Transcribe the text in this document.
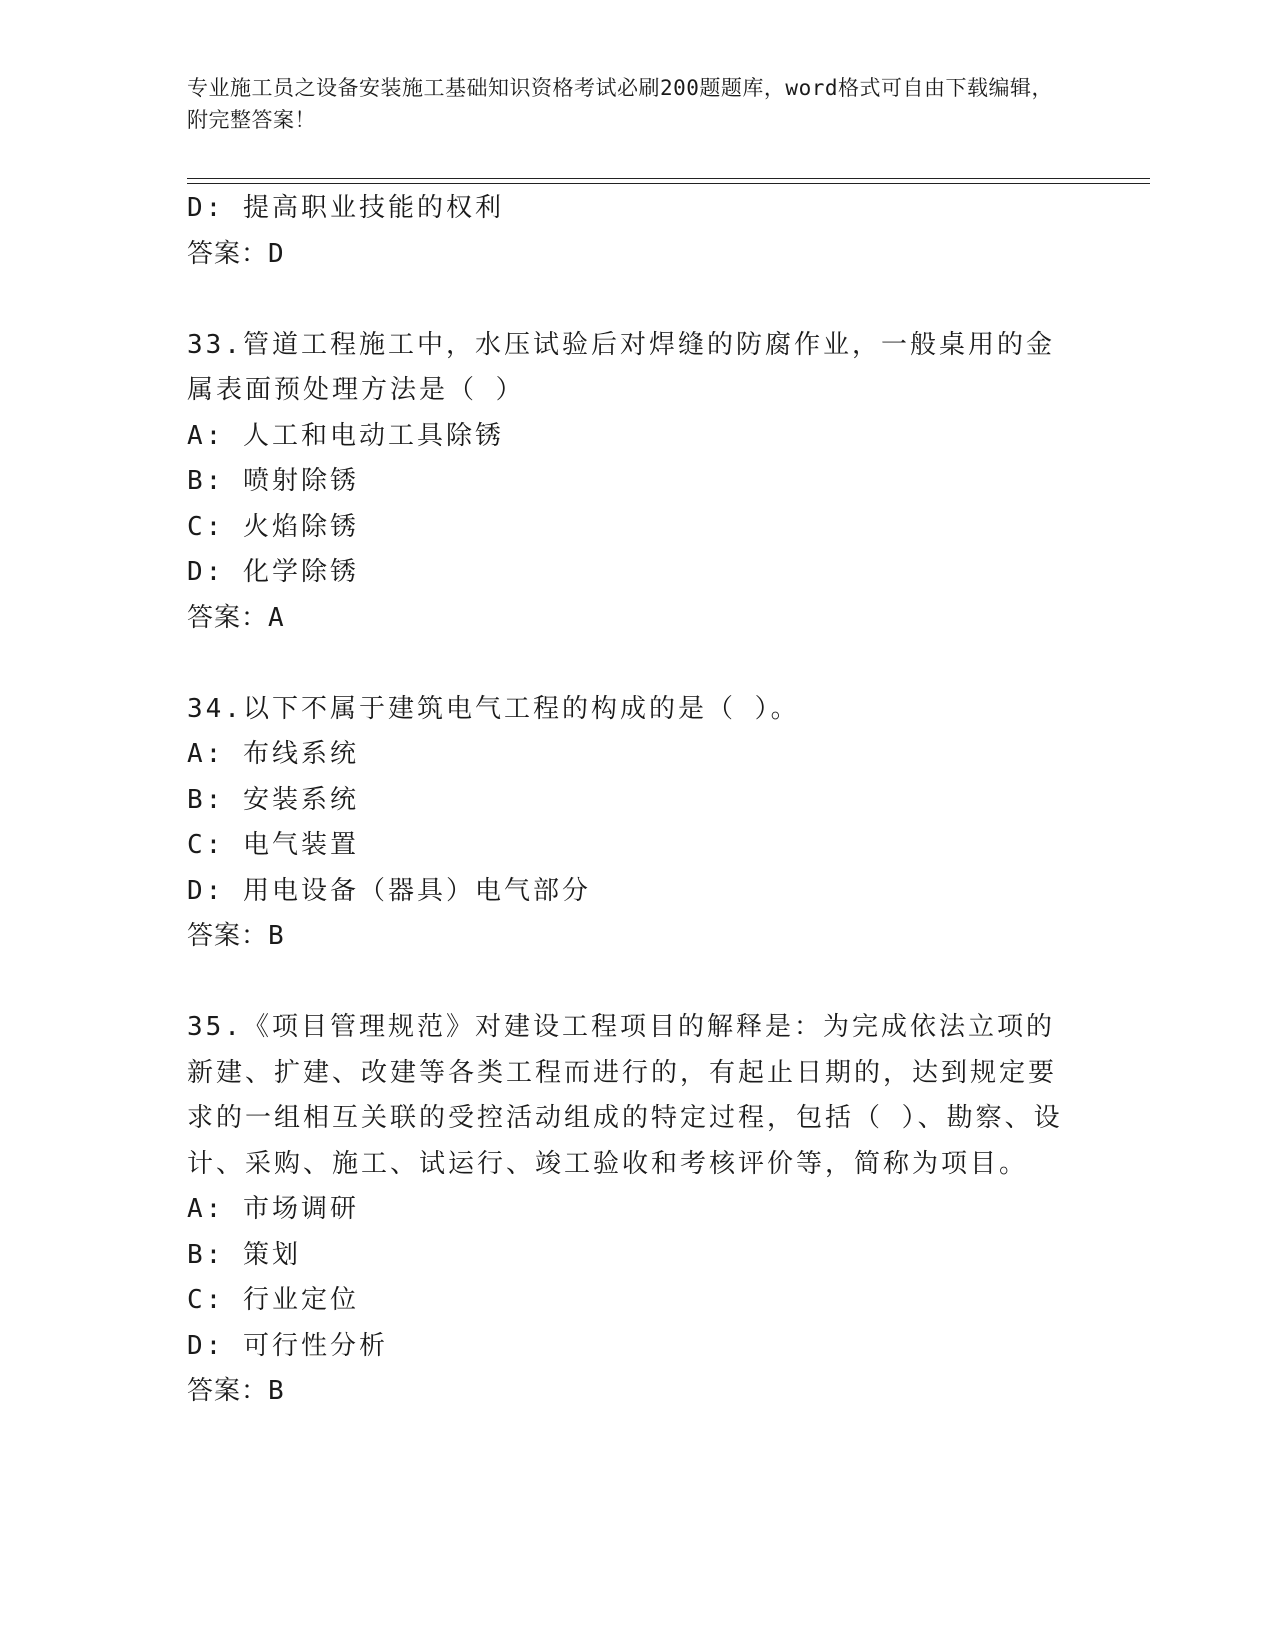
专业施工员之设备安装施工基础知识资格考试必刷200题题库，word格式可自由下载编辑，附完整答案！
D: 提高职业技能的权利
答案：D
33.管道工程施工中，水压试验后对焊缝的防腐作业，一般桌用的金属表面预处理方法是（ ）
A: 人工和电动工具除锈
B: 喷射除锈
C: 火焰除锈
D: 化学除锈
答案：A
34.以下不属于建筑电气工程的构成的是（ ）。
A: 布线系统
B: 安装系统
C: 电气装置
D: 用电设备（器具）电气部分
答案：B
35.《项目管理规范》对建设工程项目的解释是：为完成依法立项的新建、扩建、改建等各类工程而进行的，有起止日期的，达到规定要求的一组相互关联的受控活动组成的特定过程，包括（ ）、勘察、设计、采购、施工、试运行、竣工验收和考核评价等，简称为项目。
A: 市场调研
B: 策划
C: 行业定位
D: 可行性分析
答案：B
